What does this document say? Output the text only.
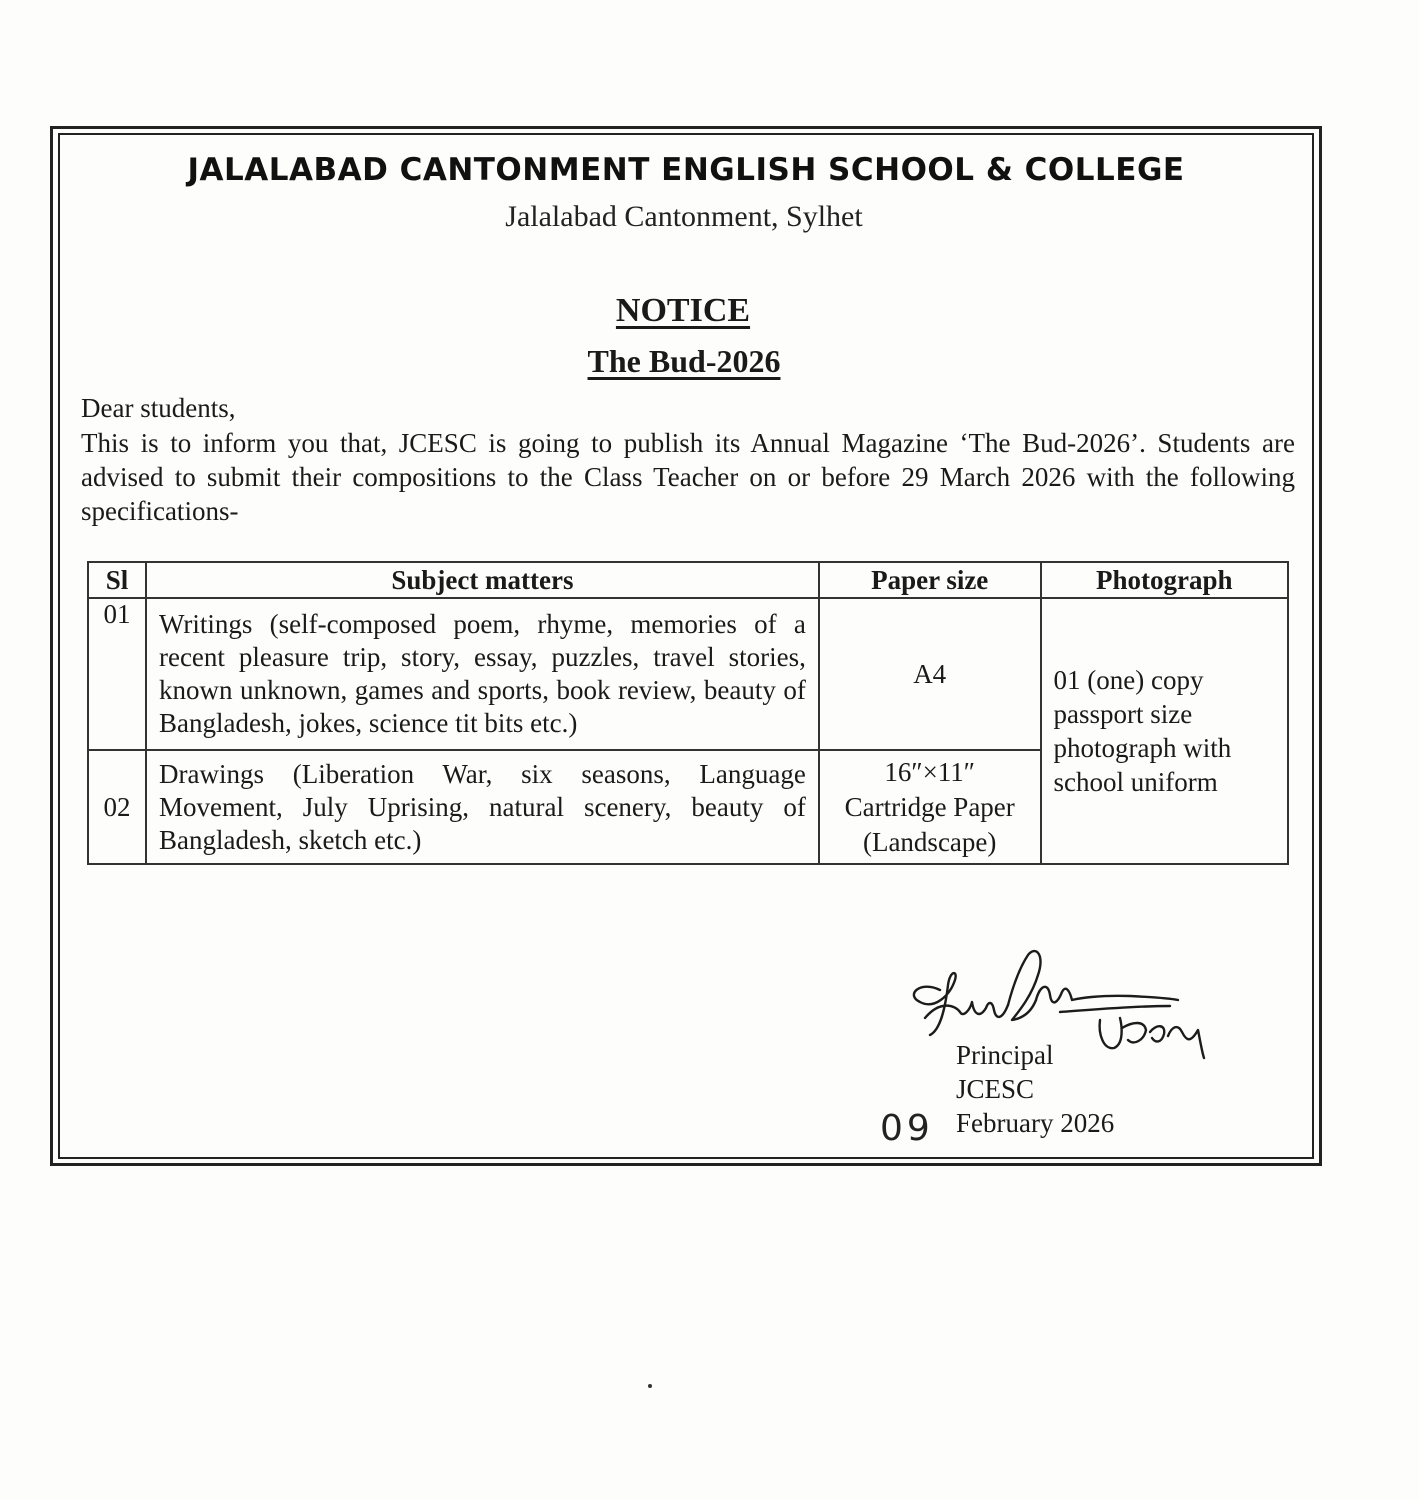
JALALABAD CANTONMENT ENGLISH SCHOOL & COLLEGE
Jalalabad Cantonment, Sylhet
NOTICE
The Bud-2026
Dear students,
This is to inform you that, JCESC is going to publish its Annual Magazine ‘The Bud-2026’. Students are advised to submit their compositions to the Class Teacher on or before 29 March 2026 with the following specifications-
Sl	Subject matters	Paper size	Photograph
01	Writings (self-composed poem, rhyme, memories of a recent pleasure trip, story, essay, puzzles, travel stories, known unknown, games and sports, book review, beauty of Bangladesh, jokes, science tit bits etc.)	A4	01 (one) copy passport size photograph with school uniform
02	Drawings (Liberation War, six seasons, Language Movement, July Uprising, natural scenery, beauty of Bangladesh, sketch etc.)	16″×11″
Cartridge Paper
(Landscape)	
Principal
JCESC
February 2026
09
